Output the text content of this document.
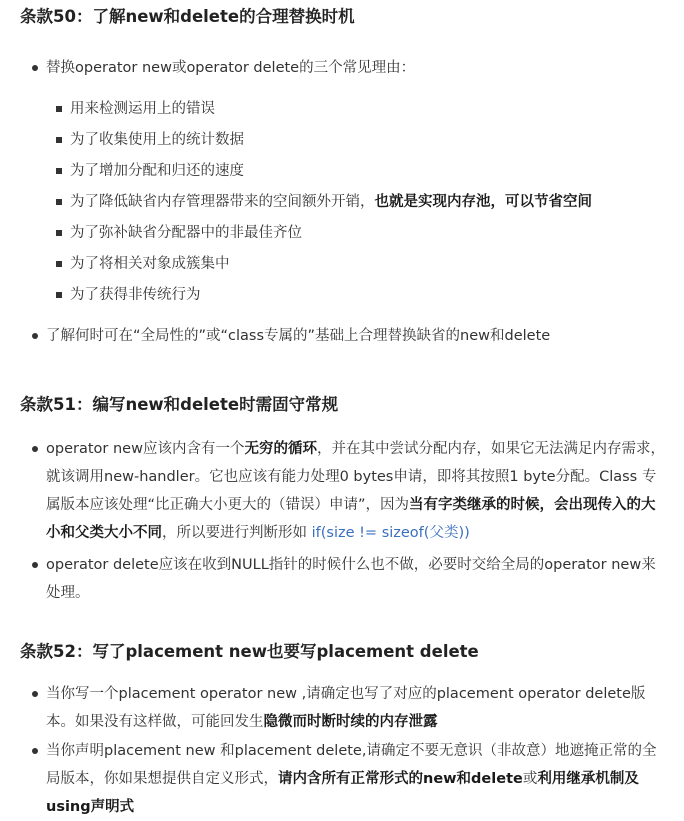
条款50：了解new和delete的合理替换时机
替换operator new或operator delete的三个常见理由：
用来检测运用上的错误
为了收集使用上的统计数据
为了增加分配和归还的速度
为了降低缺省内存管理器带来的空间额外开销，也就是实现内存池，可以节省空间
为了弥补缺省分配器中的非最佳齐位
为了将相关对象成簇集中
为了获得非传统行为
了解何时可在“全局性的”或“class专属的”基础上合理替换缺省的new和delete
条款51：编写new和delete时需固守常规

operator new应该内含有一个无穷的循环，并在其中尝试分配内存，如果它无法满足内存需求，就该调用new-handler。它也应该有能力处理0 bytes申请，即将其按照1 byte分配。Class 专属版本应该处理“比正确大小更大的（错误）申请”，因为当有字类继承的时候，会出现传入的大小和父类大小不同，所以要进行判断形如 if(size != sizeof(父类))

operator delete应该在收到NULL指针的时候什么也不做，必要时交给全局的operator new来处理。

条款52：写了placement new也要写placement delete

当你写一个placement operator new ,请确定也写了对应的placement operator delete版本。如果没有这样做，可能回发生隐微而时断时续的内存泄露

当你声明placement new 和placement delete,请确定不要无意识（非故意）地遮掩正常的全局版本，你如果想提供自定义形式，请内含所有正常形式的new和delete或利用继承机制及using声明式
